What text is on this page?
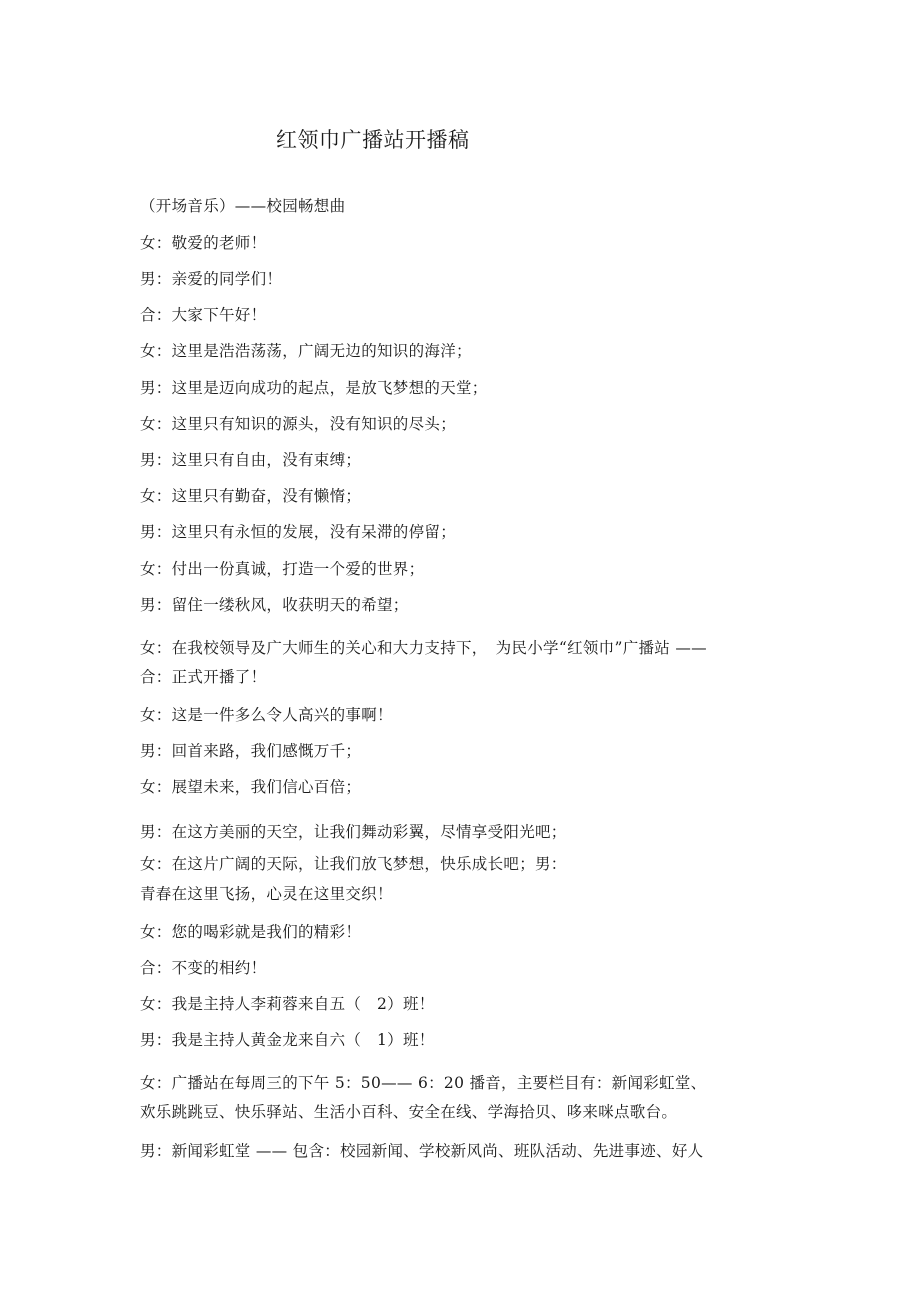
红领巾广播站开播稿
（开场音乐）——校园畅想曲
女：敬爱的老师！
男：亲爱的同学们！
合：大家下午好！
女：这里是浩浩荡荡，广阔无边的知识的海洋；
男：这里是迈向成功的起点，是放飞梦想的天堂；
女：这里只有知识的源头，没有知识的尽头；
男：这里只有自由，没有束缚；
女：这里只有勤奋，没有懒惰；
男：这里只有永恒的发展，没有呆滞的停留；
女：付出一份真诚，打造一个爱的世界；
男：留住一缕秋风，收获明天的希望；
女：在我校领导及广大师生的关心和大力支持下，　为民小学“红领巾”广播站 ——
合：正式开播了！
女：这是一件多么令人高兴的事啊！
男：回首来路，我们感慨万千；
女：展望未来，我们信心百倍；
男：在这方美丽的天空，让我们舞动彩翼，尽情享受阳光吧；
女：在这片广阔的天际，让我们放飞梦想，快乐成长吧；男：
青春在这里飞扬，心灵在这里交织！
女：您的喝彩就是我们的精彩！
合：不变的相约！
女：我是主持人李莉蓉来自五（　2）班！
男：我是主持人黄金龙来自六（　1）班！
女：广播站在每周三的下午 5：50—— 6：20 播音，主要栏目有：新闻彩虹堂、
欢乐跳跳豆、快乐驿站、生活小百科、安全在线、学海拾贝、哆来咪点歌台。
男：新闻彩虹堂 —— 包含：校园新闻、学校新风尚、班队活动、先进事迹、好人
